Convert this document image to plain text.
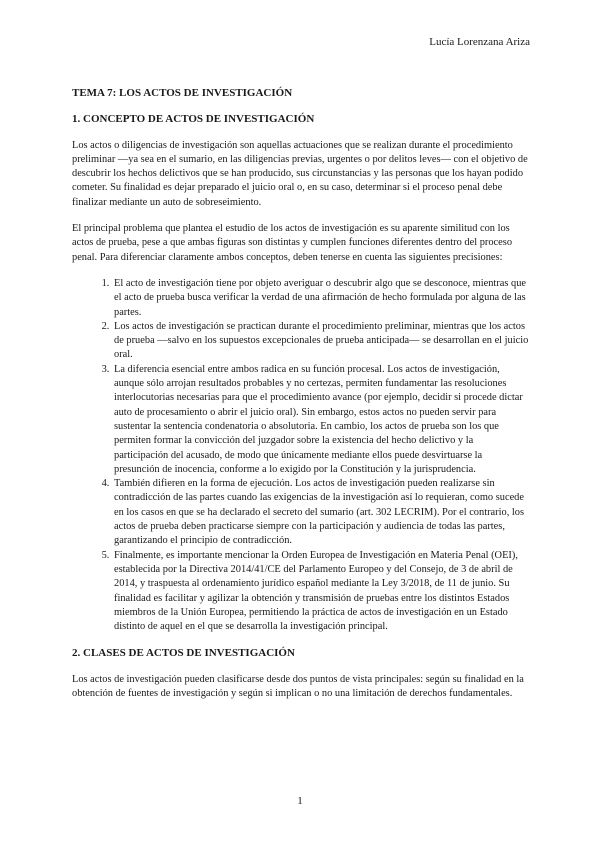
Lucía Lorenzana Ariza
TEMA 7: LOS ACTOS DE INVESTIGACIÓN
1. CONCEPTO DE ACTOS DE INVESTIGACIÓN

Los actos o diligencias de investigación son aquellas actuaciones que se realizan durante el procedimiento preliminar —ya sea en el sumario, en las diligencias previas, urgentes o por delitos leves— con el objetivo de descubrir los hechos delictivos que se han producido, sus circunstancias y las personas que los hayan podido cometer. Su finalidad es dejar preparado el juicio oral o, en su caso, determinar si el proceso penal debe finalizar mediante un auto de sobreseimiento.

El principal problema que plantea el estudio de los actos de investigación es su aparente similitud con los actos de prueba, pese a que ambas figuras son distintas y cumplen funciones diferentes dentro del proceso penal. Para diferenciar claramente ambos conceptos, deben tenerse en cuenta las siguientes precisiones:

1. El acto de investigación tiene por objeto averiguar o descubrir algo que se desconoce, mientras que el acto de prueba busca verificar la verdad de una afirmación de hecho formulada por alguna de las partes.
2. Los actos de investigación se practican durante el procedimiento preliminar, mientras que los actos de prueba —salvo en los supuestos excepcionales de prueba anticipada— se desarrollan en el juicio oral.
3. La diferencia esencial entre ambos radica en su función procesal. Los actos de investigación, aunque sólo arrojan resultados probables y no certezas, permiten fundamentar las resoluciones interlocutorias necesarias para que el procedimiento avance (por ejemplo, decidir si procede dictar auto de procesamiento o abrir el juicio oral). Sin embargo, estos actos no pueden servir para sustentar la sentencia condenatoria o absolutoria. En cambio, los actos de prueba son los que permiten formar la convicción del juzgador sobre la existencia del hecho delictivo y la participación del acusado, de modo que únicamente mediante ellos puede desvirtuarse la presunción de inocencia, conforme a lo exigido por la Constitución y la jurisprudencia.
4. También difieren en la forma de ejecución. Los actos de investigación pueden realizarse sin contradicción de las partes cuando las exigencias de la investigación así lo requieran, como sucede en los casos en que se ha declarado el secreto del sumario (art. 302 LECRIM). Por el contrario, los actos de prueba deben practicarse siempre con la participación y audiencia de todas las partes, garantizando el principio de contradicción.
5. Finalmente, es importante mencionar la Orden Europea de Investigación en Materia Penal (OEI), establecida por la Directiva 2014/41/CE del Parlamento Europeo y del Consejo, de 3 de abril de 2014, y traspuesta al ordenamiento jurídico español mediante la Ley 3/2018, de 11 de junio. Su finalidad es facilitar y agilizar la obtención y transmisión de pruebas entre los distintos Estados miembros de la Unión Europea, permitiendo la práctica de actos de investigación en un Estado distinto de aquel en el que se desarrolla la investigación principal.
2. CLASES DE ACTOS DE INVESTIGACIÓN

Los actos de investigación pueden clasificarse desde dos puntos de vista principales: según su finalidad en la obtención de fuentes de investigación y según si implican o no una limitación de derechos fundamentales.

1
